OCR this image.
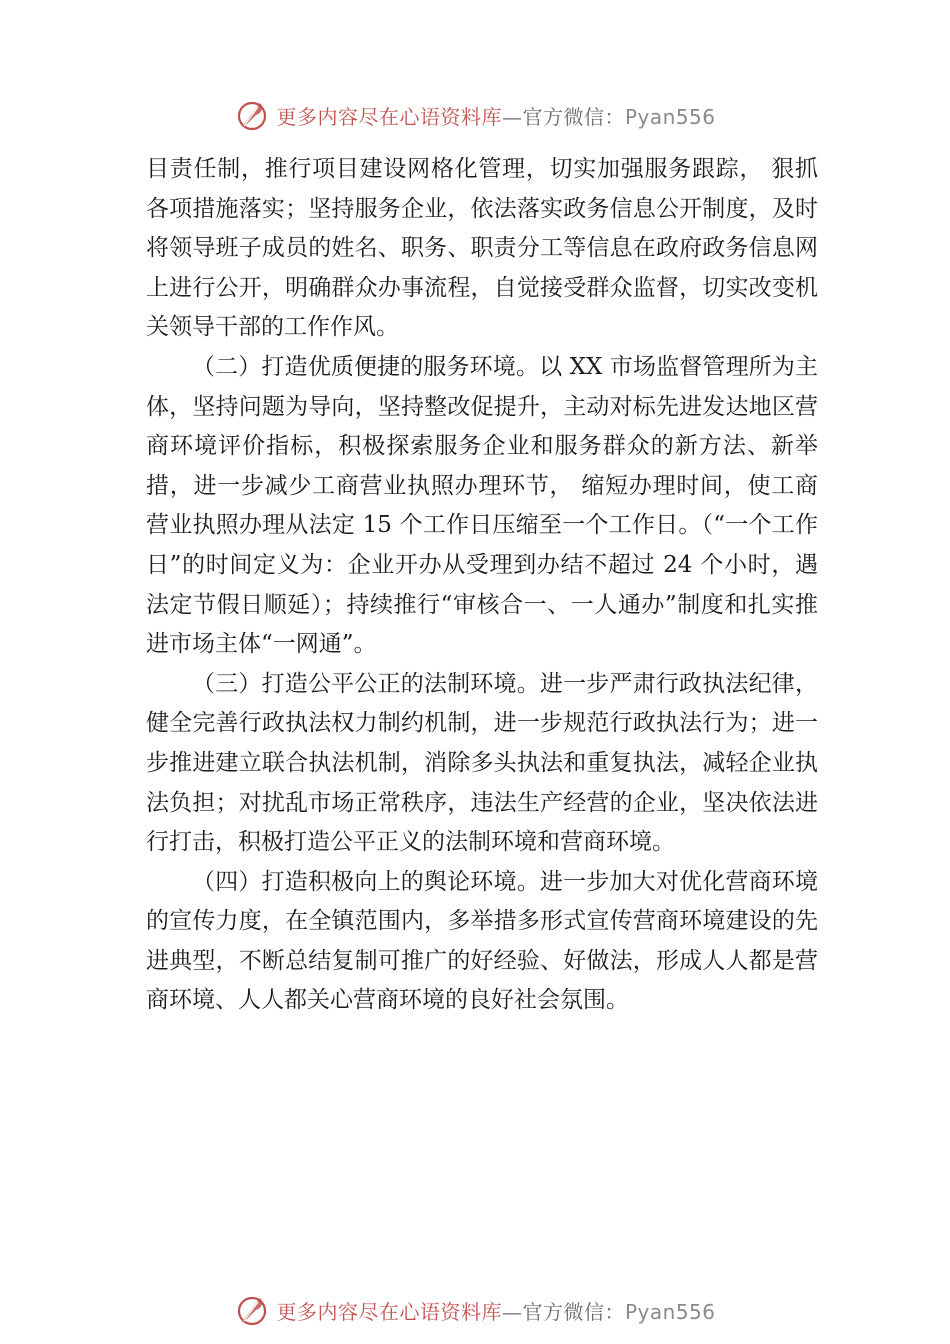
更多内容尽在心语资料库—官方微信：Pyan556

目责任制，推行项目建设网格化管理，切实加强服务跟踪， 狠抓各项措施落实；坚持服务企业，依法落实政务信息公开制度，及时将领导班子成员的姓名、职务、职责分工等信息在政府政务信息网上进行公开，明确群众办事流程，自觉接受群众监督，切实改变机关领导干部的工作作风。

（二）打造优质便捷的服务环境。以 XX 市场监督管理所为主体，坚持问题为导向，坚持整改促提升，主动对标先进发达地区营商环境评价指标，积极探索服务企业和服务群众的新方法、新举措，进一步减少工商营业执照办理环节， 缩短办理时间，使工商营业执照办理从法定 15 个工作日压缩至一个工作日。（“一个工作日”的时间定义为：企业开办从受理到办结不超过 24 个小时，遇法定节假日顺延）；持续推行“审核合一、一人通办”制度和扎实推进市场主体“一网通”。

（三）打造公平公正的法制环境。进一步严肃行政执法纪律，健全完善行政执法权力制约机制，进一步规范行政执法行为；进一步推进建立联合执法机制，消除多头执法和重复执法，减轻企业执法负担；对扰乱市场正常秩序，违法生产经营的企业，坚决依法进行打击，积极打造公平正义的法制环境和营商环境。

（四）打造积极向上的舆论环境。进一步加大对优化营商环境的宣传力度，在全镇范围内，多举措多形式宣传营商环境建设的先进典型，不断总结复制可推广的好经验、好做法，形成人人都是营商环境、人人都关心营商环境的良好社会氛围。

更多内容尽在心语资料库—官方微信：Pyan556
